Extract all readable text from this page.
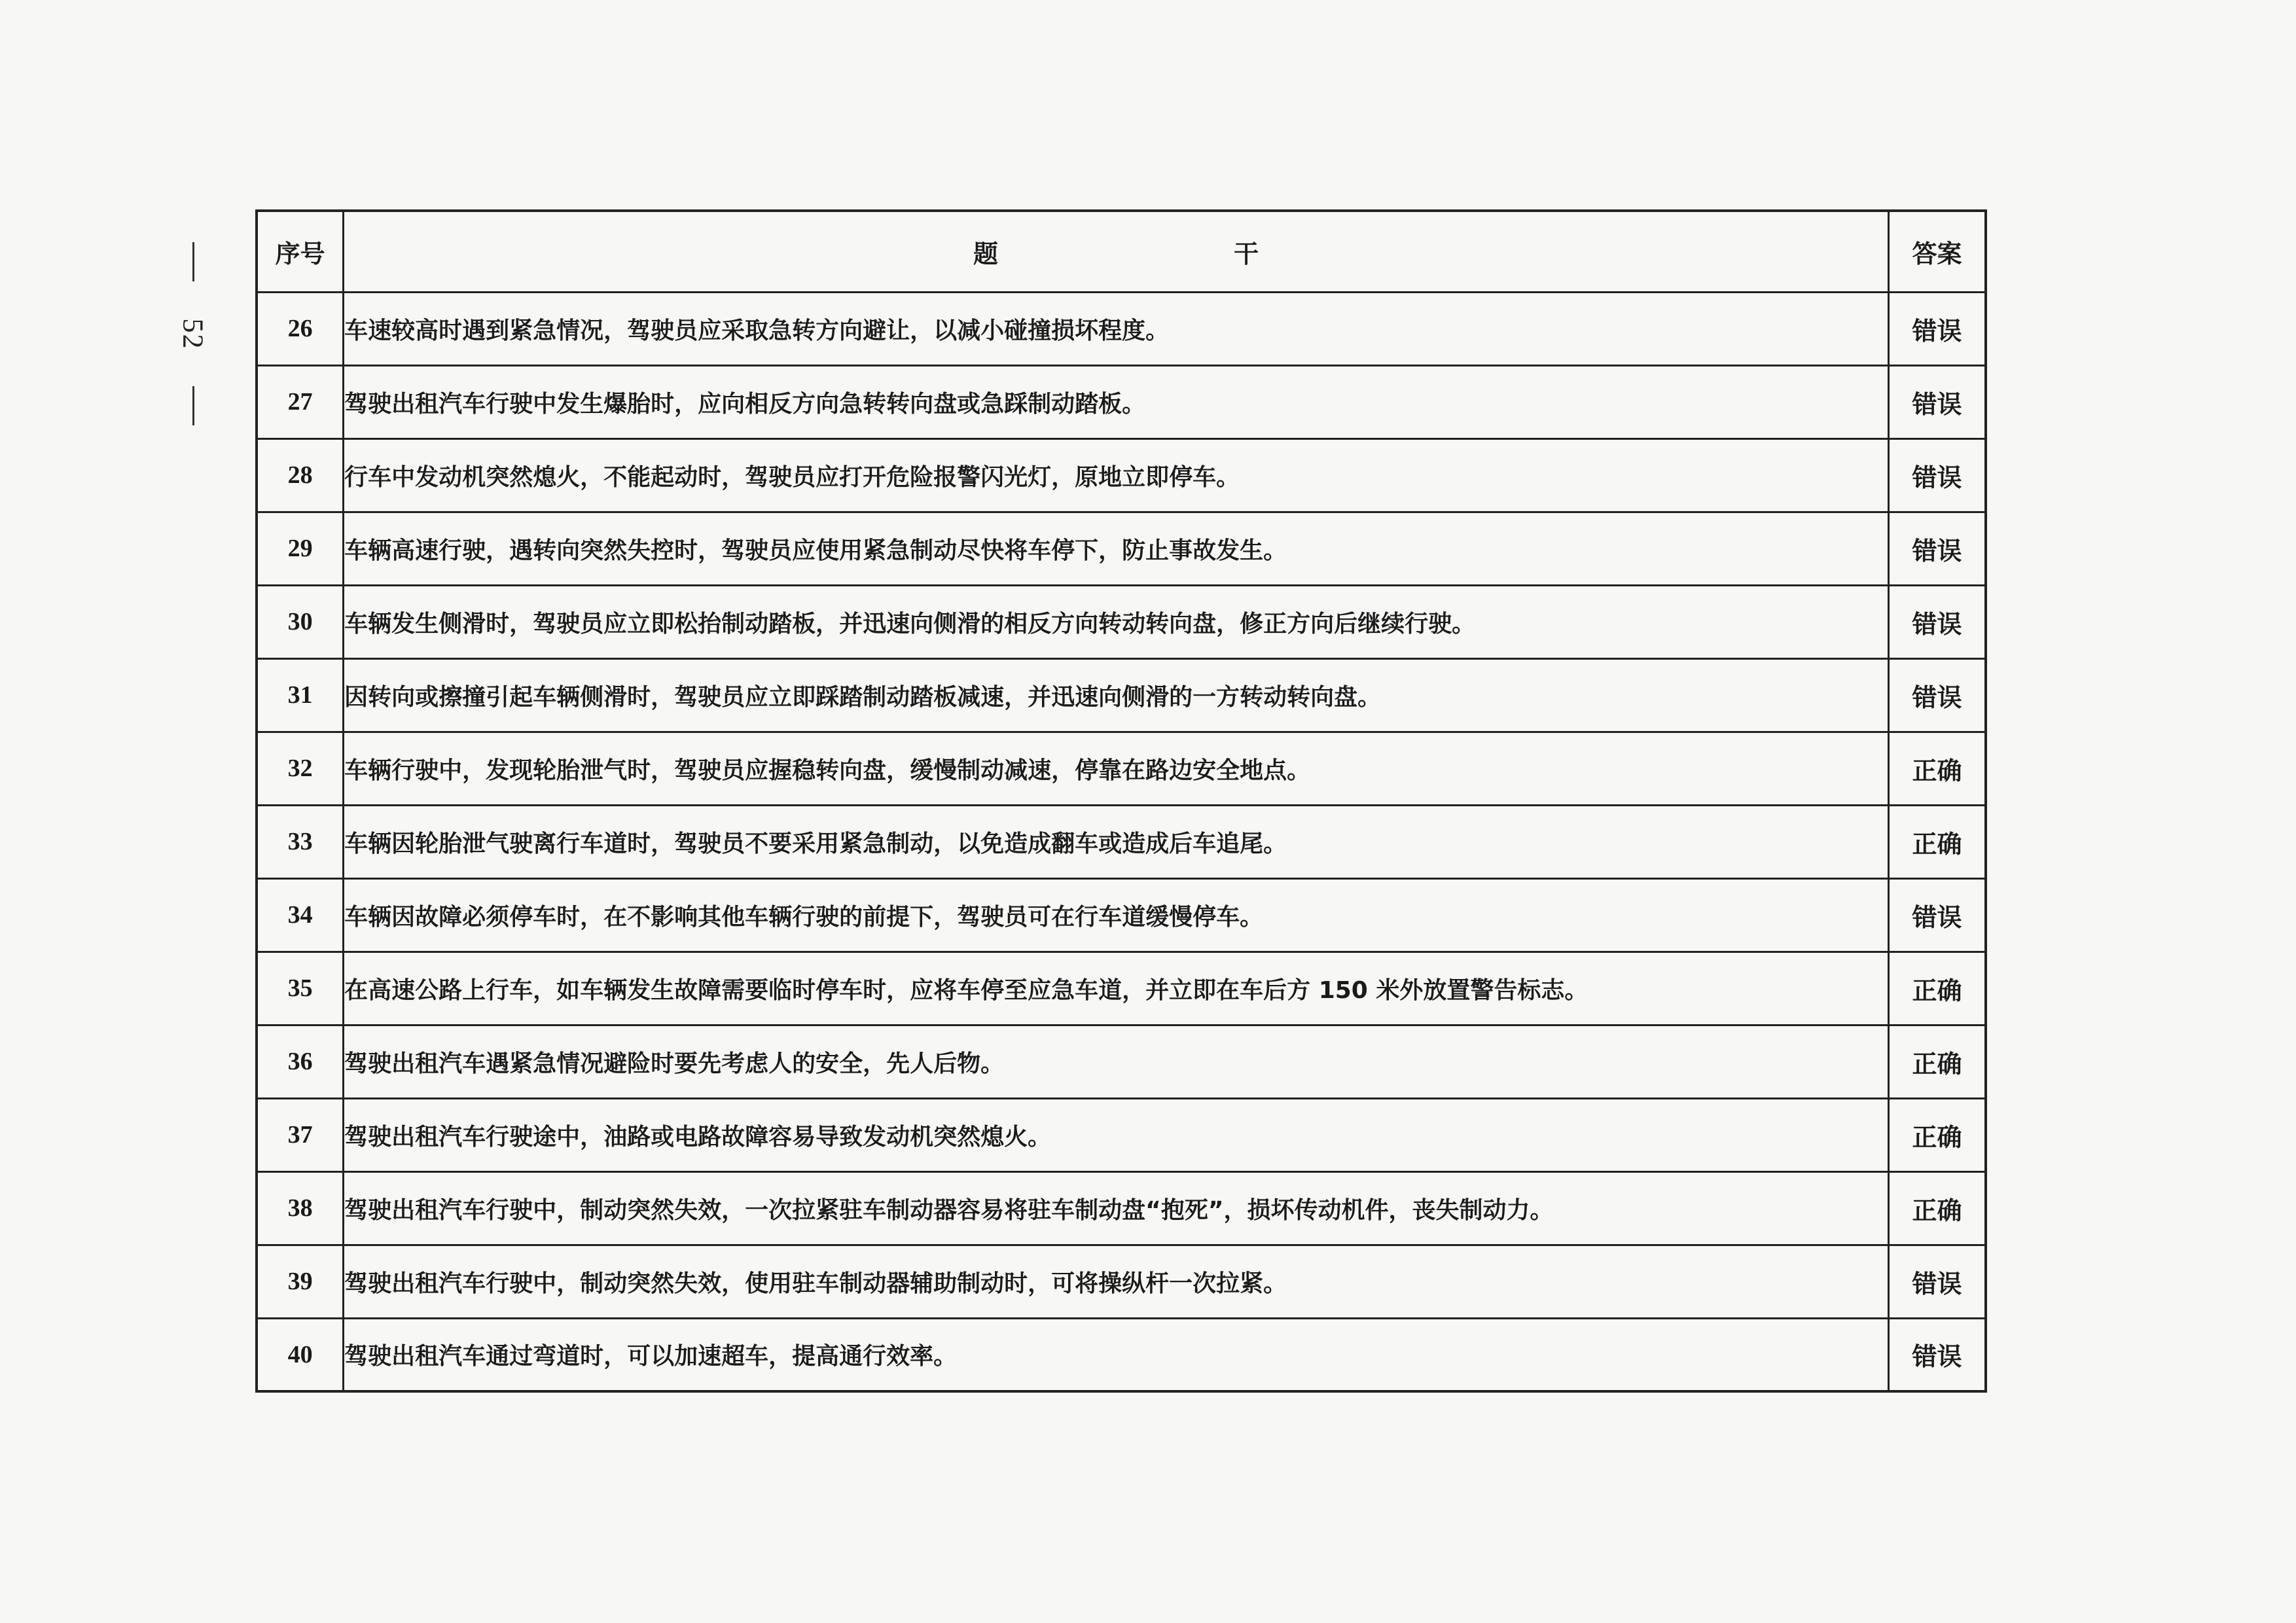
52
序号	题 干	答案
26	车速较高时遇到紧急情况，驾驶员应采取急转方向避让，以减小碰撞损坏程度。	错误
27	驾驶出租汽车行驶中发生爆胎时，应向相反方向急转转向盘或急踩制动踏板。	错误
28	行车中发动机突然熄火，不能起动时，驾驶员应打开危险报警闪光灯，原地立即停车。	错误
29	车辆高速行驶，遇转向突然失控时，驾驶员应使用紧急制动尽快将车停下，防止事故发生。	错误
30	车辆发生侧滑时，驾驶员应立即松抬制动踏板，并迅速向侧滑的相反方向转动转向盘，修正方向后继续行驶。	错误
31	因转向或擦撞引起车辆侧滑时，驾驶员应立即踩踏制动踏板减速，并迅速向侧滑的一方转动转向盘。	错误
32	车辆行驶中，发现轮胎泄气时，驾驶员应握稳转向盘，缓慢制动减速，停靠在路边安全地点。	正确
33	车辆因轮胎泄气驶离行车道时，驾驶员不要采用紧急制动，以免造成翻车或造成后车追尾。	正确
34	车辆因故障必须停车时，在不影响其他车辆行驶的前提下，驾驶员可在行车道缓慢停车。	错误
35	在高速公路上行车，如车辆发生故障需要临时停车时，应将车停至应急车道，并立即在车后方 150 米外放置警告标志。	正确
36	驾驶出租汽车遇紧急情况避险时要先考虑人的安全，先人后物。	正确
37	驾驶出租汽车行驶途中，油路或电路故障容易导致发动机突然熄火。	正确
38	驾驶出租汽车行驶中，制动突然失效，一次拉紧驻车制动器容易将驻车制动盘“抱死”，损坏传动机件，丧失制动力。	正确
39	驾驶出租汽车行驶中，制动突然失效，使用驻车制动器辅助制动时，可将操纵杆一次拉紧。	错误
40	驾驶出租汽车通过弯道时，可以加速超车，提高通行效率。	错误
